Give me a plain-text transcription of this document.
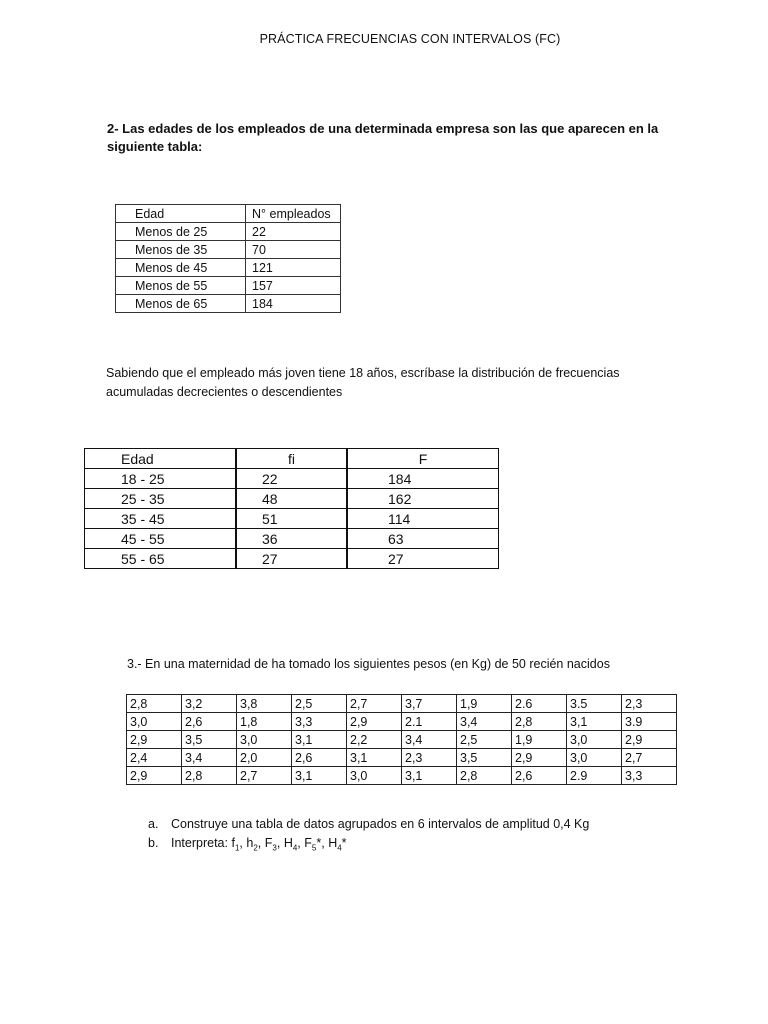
PRÁCTICA FRECUENCIAS CON INTERVALOS (FC)
2- Las edades de los empleados de una determinada empresa son las que aparecen en la siguiente tabla:
Edad	N° empleados
Menos de 25	22
Menos de 35	70
Menos de 45	121
Menos de 55	157
Menos de 65	184
Sabiendo que el empleado más joven tiene 18 años, escríbase la distribución de frecuencias acumuladas decrecientes o descendientes
Edad	fi	F
18 - 25	22	184
25 - 35	48	162
35 - 45	51	114
45 - 55	36	63
55 - 65	27	27
3.- En una maternidad de ha tomado los siguientes pesos (en Kg) de 50 recién nacidos
2,8	3,2	3,8	2,5	2,7	3,7	1,9	2.6	3.5	2,3
3,0	2,6	1,8	3,3	2,9	2.1	3,4	2,8	3,1	3.9
2,9	3,5	3,0	3,1	2,2	3,4	2,5	1,9	3,0	2,9
2,4	3,4	2,0	2,6	3,1	2,3	3,5	2,9	3,0	2,7
2,9	2,8	2,7	3,1	3,0	3,1	2,8	2,6	2.9	3,3
a.	Construye una tabla de datos agrupados en 6 intervalos de amplitud 0,4 Kg
b.	Interpreta: $f_1$, $h_2$, $F_3$, $H_4$, $F_5*$, $H_4*$
